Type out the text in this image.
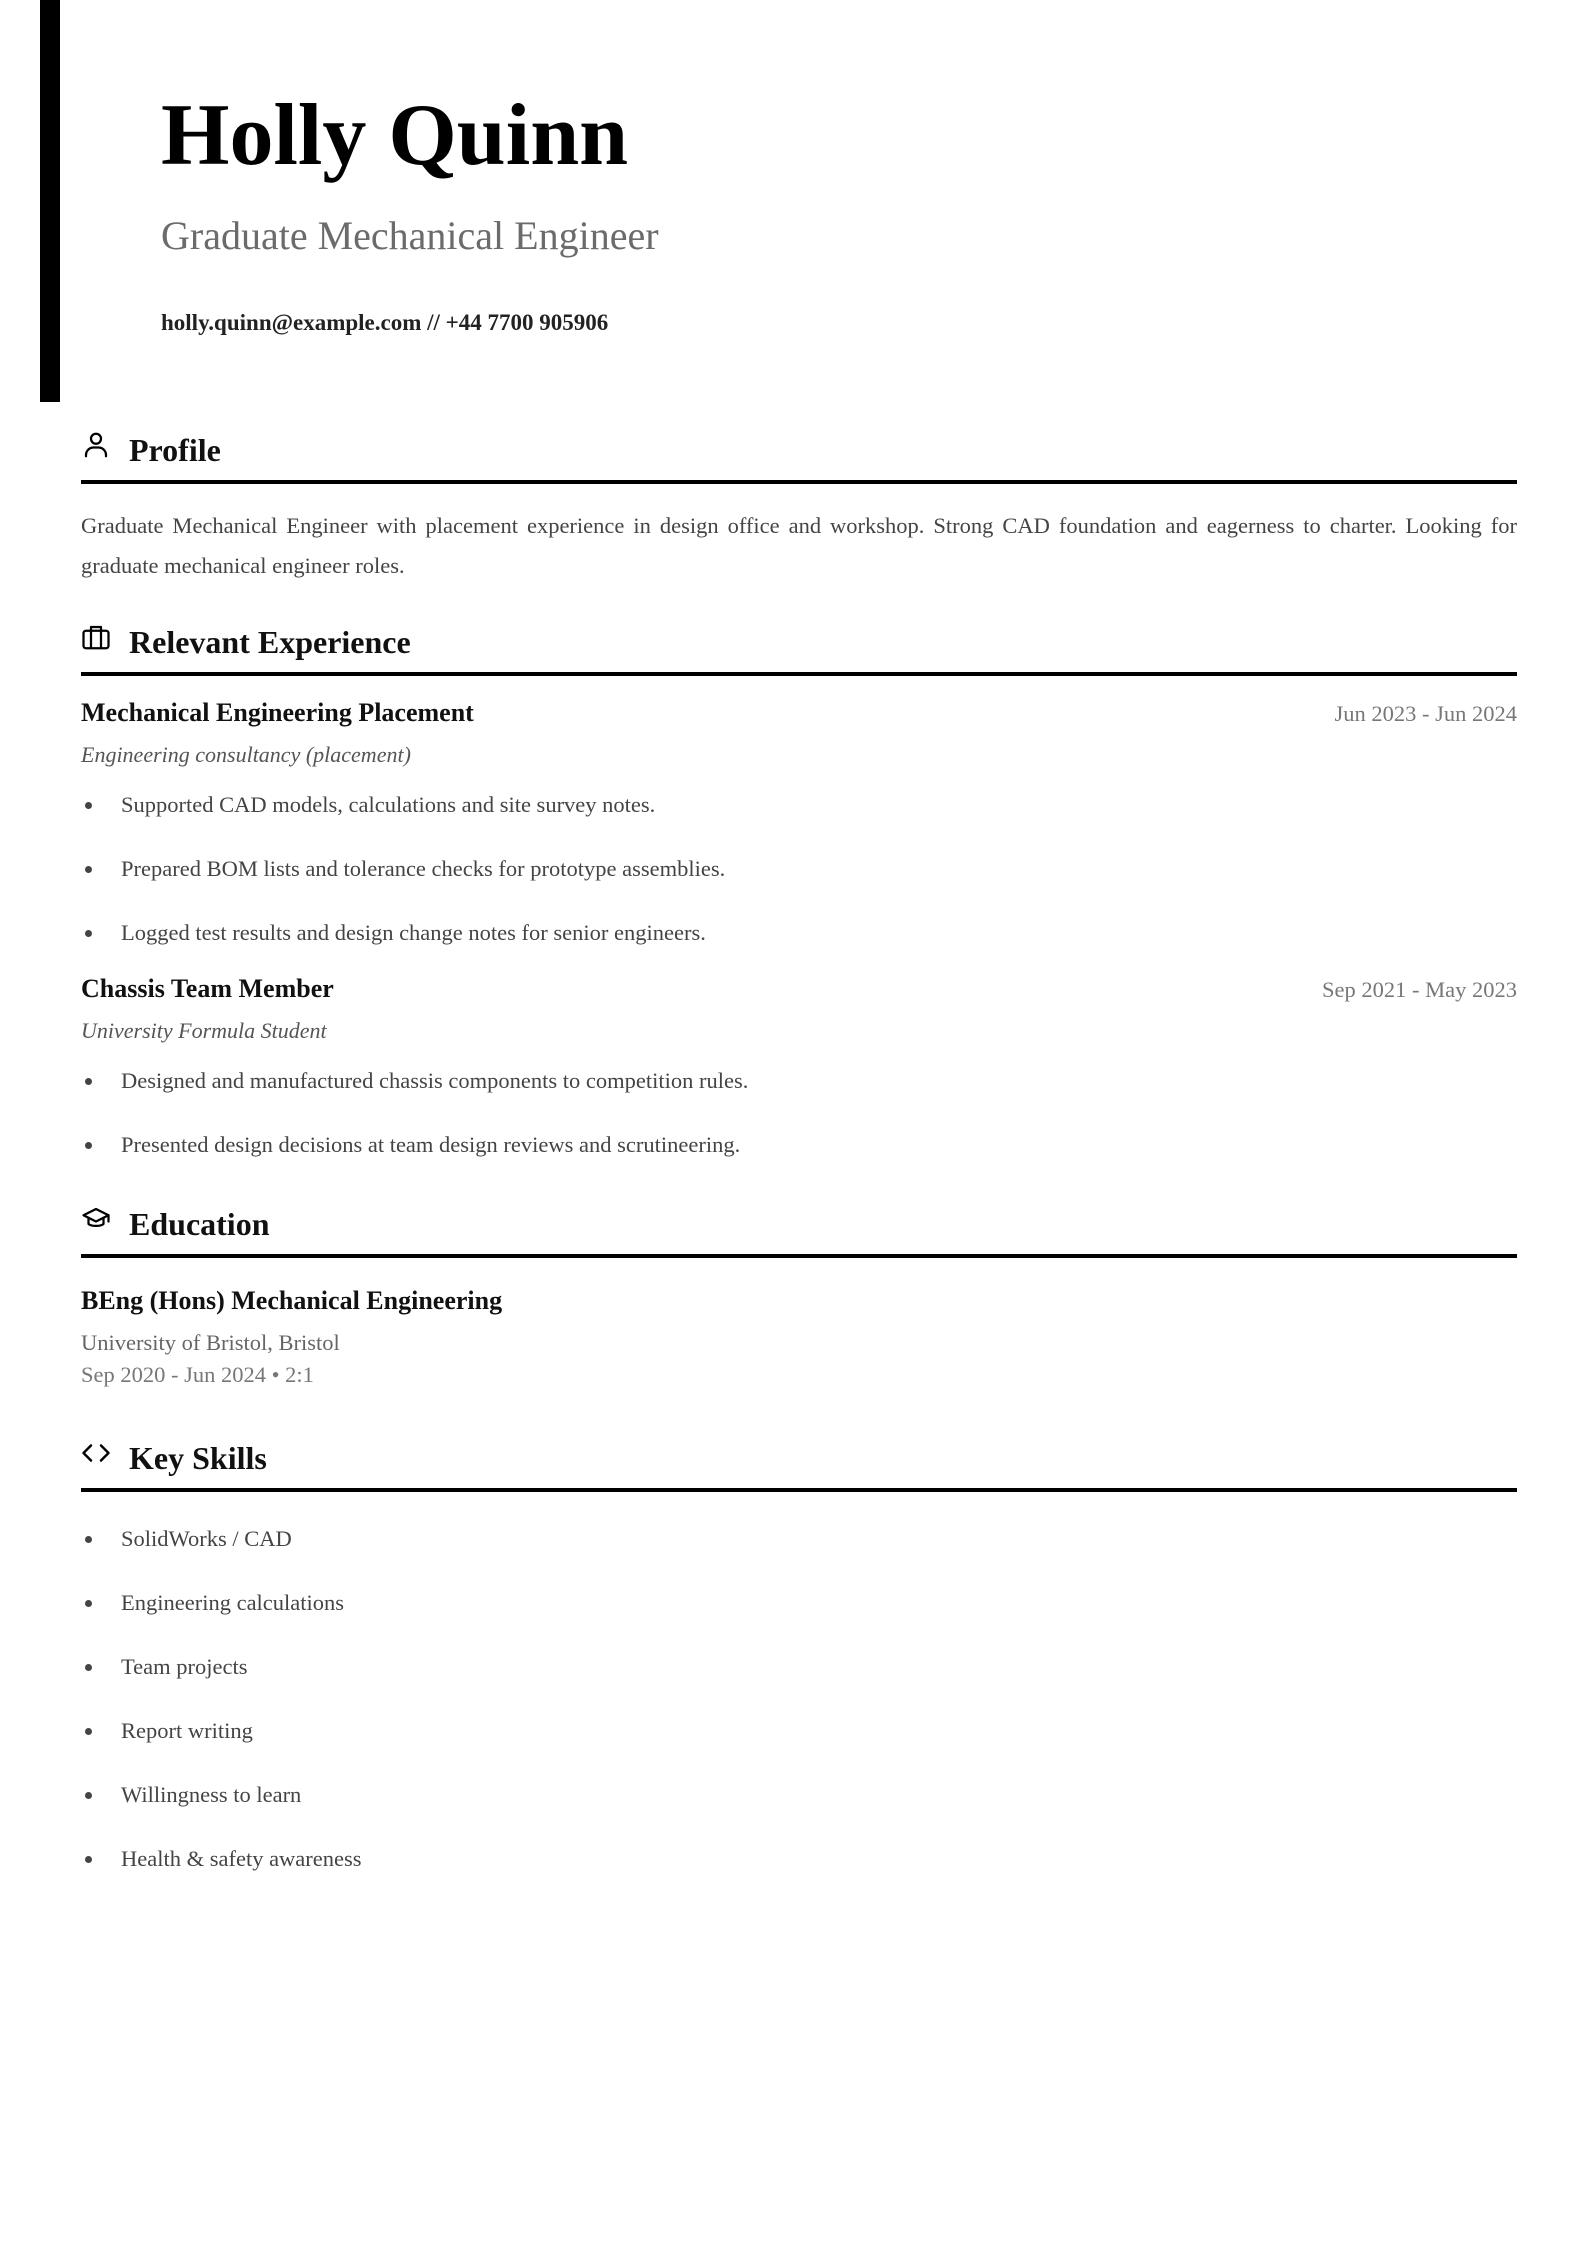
Holly Quinn
Graduate Mechanical Engineer
holly.quinn@example.com // +44 7700 905906
Profile

Graduate Mechanical Engineer with placement experience in design office and workshop. Strong CAD foundation and eagerness to charter. Looking for graduate mechanical engineer roles.

Relevant Experience
Mechanical Engineering Placement	Jun 2023 - Jun 2024
Engineering consultancy (placement)
Supported CAD models, calculations and site survey notes.
Prepared BOM lists and tolerance checks for prototype assemblies.
Logged test results and design change notes for senior engineers.
Chassis Team Member	Sep 2021 - May 2023
University Formula Student
Designed and manufactured chassis components to competition rules.
Presented design decisions at team design reviews and scrutineering.
Education
BEng (Hons) Mechanical Engineering
University of Bristol, Bristol
Sep 2020 - Jun 2024 • 2:1
Key Skills
SolidWorks / CAD
Engineering calculations
Team projects
Report writing
Willingness to learn
Health & safety awareness
